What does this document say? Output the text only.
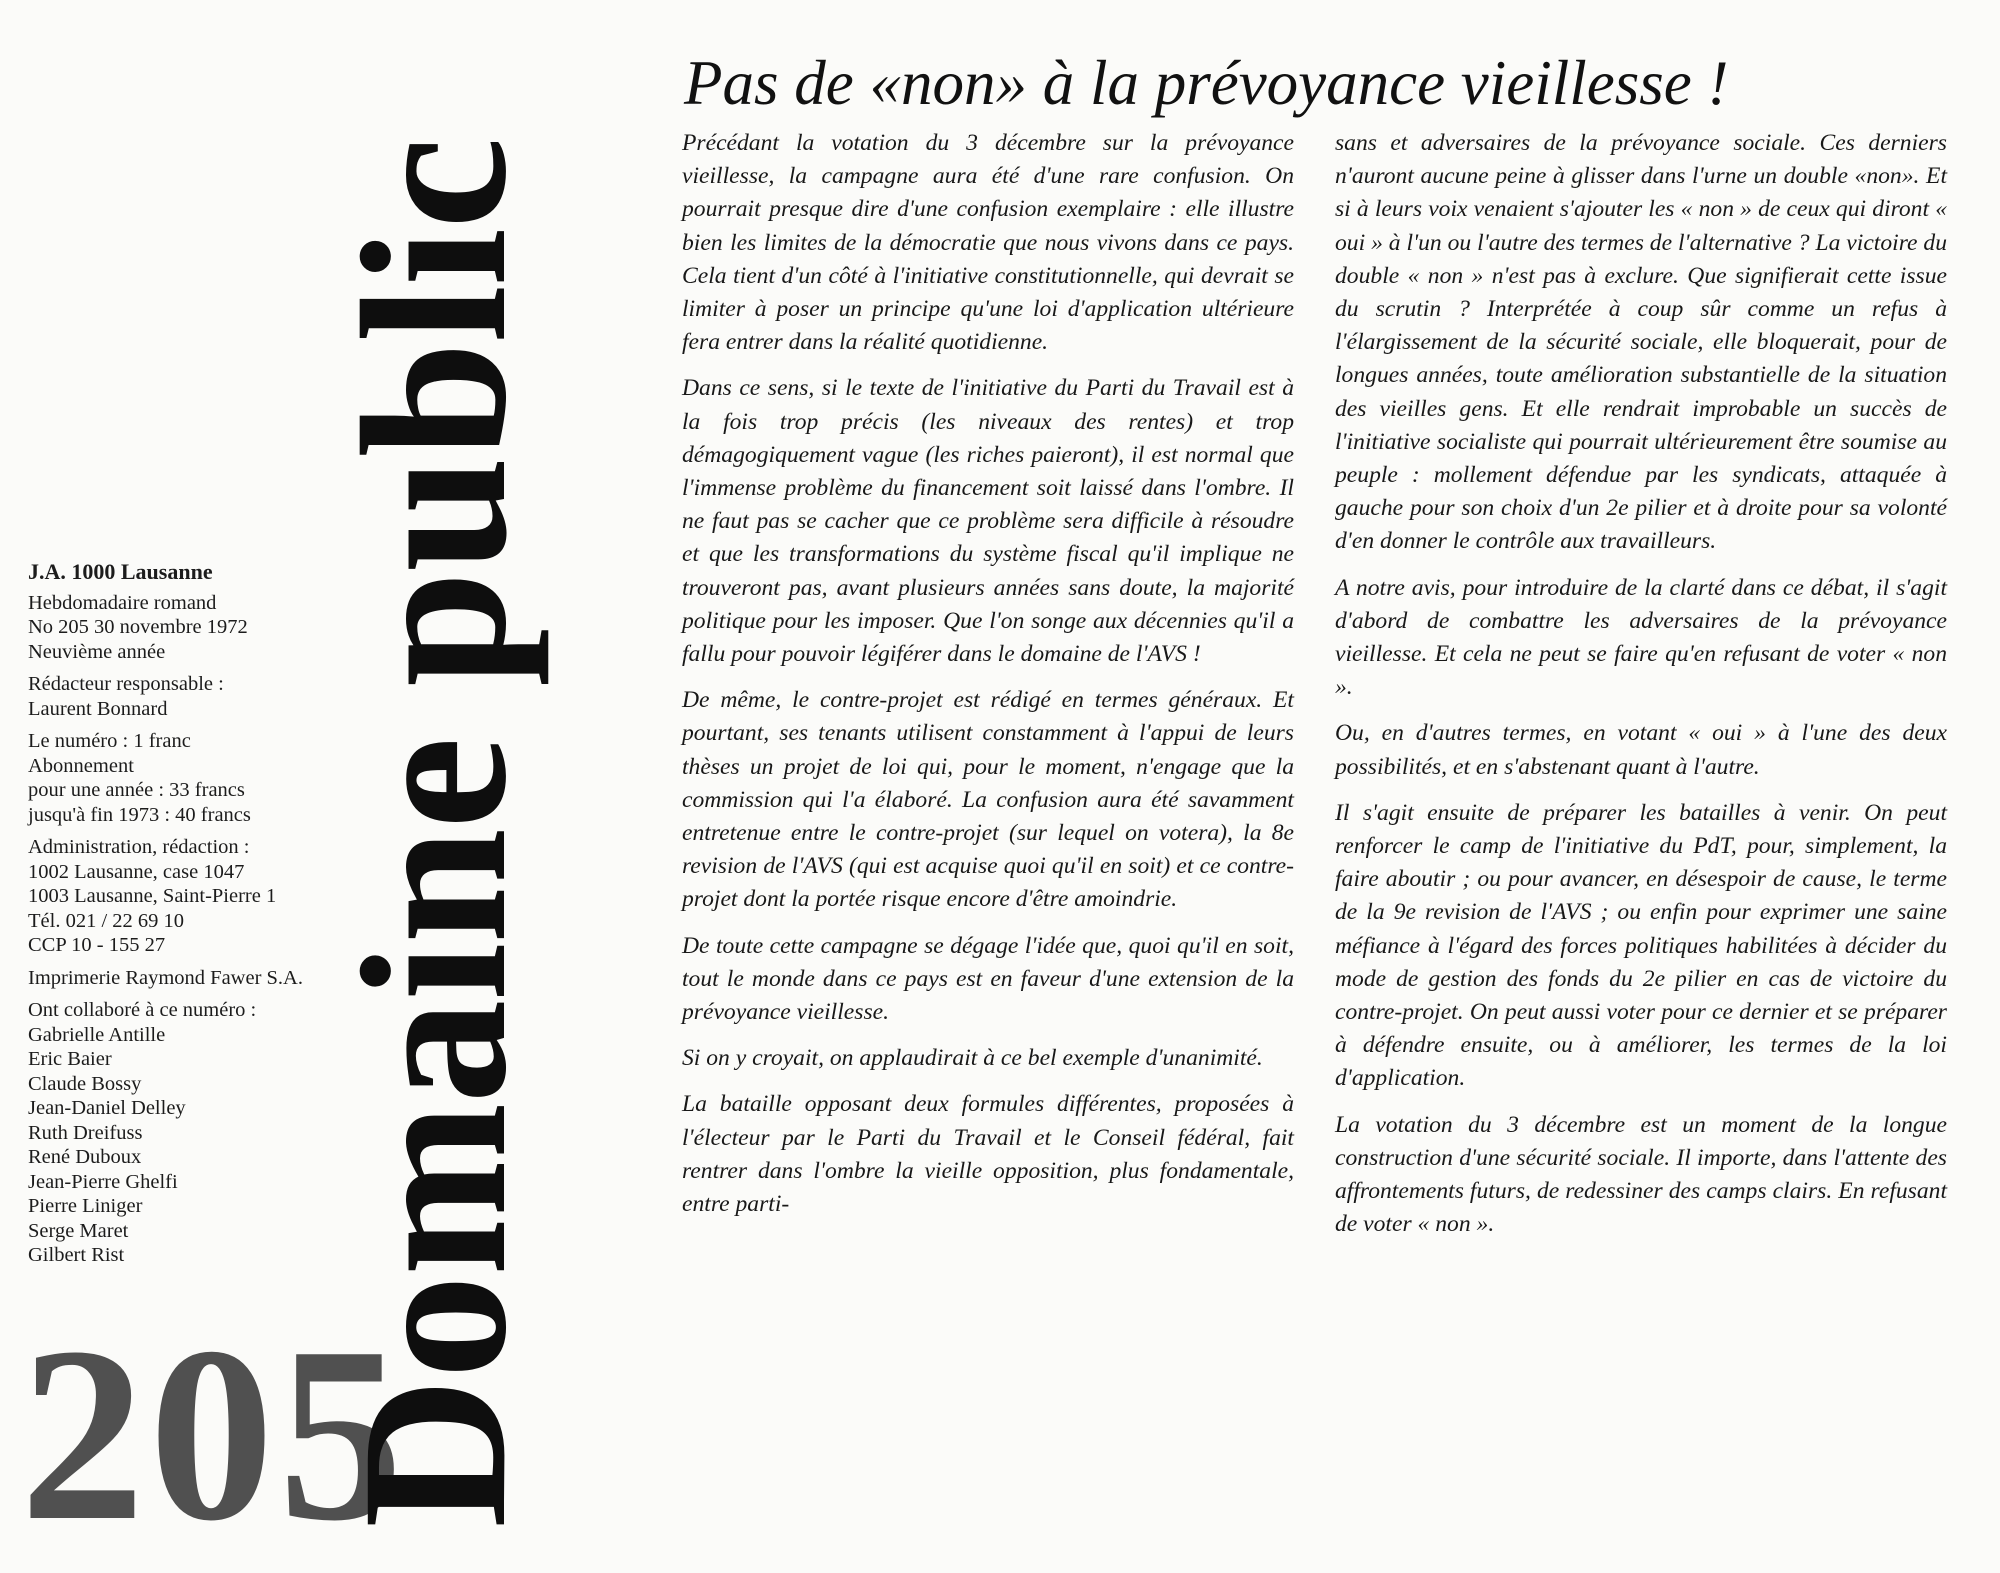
J.A. 1000 Lausanne
Hebdomadaire romand
No 205 30 novembre 1972
Neuvième année
Rédacteur responsable :
Laurent Bonnard
Le numéro : 1 franc
Abonnement
pour une année : 33 francs
jusqu'à fin 1973 : 40 francs
Administration, rédaction :
1002 Lausanne, case 1047
1003 Lausanne, Saint-Pierre 1
Tél. 021 / 22 69 10
CCP 10 - 155 27
Imprimerie Raymond Fawer S.A.
Ont collaboré à ce numéro :
Gabrielle Antille
Eric Baier
Claude Bossy
Jean-Daniel Delley
Ruth Dreifuss
René Duboux
Jean-Pierre Ghelfi
Pierre Liniger
Serge Maret
Gilbert Rist
205
Domaine public
Pas de «non» à la prévoyance vieillesse !

Précédant la votation du 3 décembre sur la prévoyance vieillesse, la campagne aura été d'une rare confusion. On pourrait presque dire d'une confusion exemplaire : elle illustre bien les limites de la démocratie que nous vivons dans ce pays. Cela tient d'un côté à l'initiative constitutionnelle, qui devrait se limiter à poser un principe qu'une loi d'application ultérieure fera entrer dans la réalité quotidienne.

Dans ce sens, si le texte de l'initiative du Parti du Travail est à la fois trop précis (les niveaux des rentes) et trop démagogiquement vague (les riches paieront), il est normal que l'immense problème du financement soit laissé dans l'ombre. Il ne faut pas se cacher que ce problème sera difficile à résoudre et que les transformations du système fiscal qu'il implique ne trouveront pas, avant plusieurs années sans doute, la majorité politique pour les imposer. Que l'on songe aux décennies qu'il a fallu pour pouvoir légiférer dans le domaine de l'AVS !

De même, le contre-projet est rédigé en termes généraux. Et pourtant, ses tenants utilisent constamment à l'appui de leurs thèses un projet de loi qui, pour le moment, n'engage que la commission qui l'a élaboré. La confusion aura été savamment entretenue entre le contre-projet (sur lequel on votera), la 8e revision de l'AVS (qui est acquise quoi qu'il en soit) et ce contre-projet dont la portée risque encore d'être amoindrie.

De toute cette campagne se dégage l'idée que, quoi qu'il en soit, tout le monde dans ce pays est en faveur d'une extension de la prévoyance vieillesse.

Si on y croyait, on applaudirait à ce bel exemple d'unanimité.

La bataille opposant deux formules différentes, proposées à l'électeur par le Parti du Travail et le Conseil fédéral, fait rentrer dans l'ombre la vieille opposition, plus fondamentale, entre parti-

sans et adversaires de la prévoyance sociale. Ces derniers n'auront aucune peine à glisser dans l'urne un double «non». Et si à leurs voix venaient s'ajouter les « non » de ceux qui diront « oui » à l'un ou l'autre des termes de l'alternative ? La victoire du double « non » n'est pas à exclure. Que signifierait cette issue du scrutin ? Interprétée à coup sûr comme un refus à l'élargissement de la sécurité sociale, elle bloquerait, pour de longues années, toute amélioration substantielle de la situation des vieilles gens. Et elle rendrait improbable un succès de l'initiative socialiste qui pourrait ultérieurement être soumise au peuple : mollement défendue par les syndicats, attaquée à gauche pour son choix d'un 2e pilier et à droite pour sa volonté d'en donner le contrôle aux travailleurs.

A notre avis, pour introduire de la clarté dans ce débat, il s'agit d'abord de combattre les adversaires de la prévoyance vieillesse. Et cela ne peut se faire qu'en refusant de voter « non ».

Ou, en d'autres termes, en votant « oui » à l'une des deux possibilités, et en s'abstenant quant à l'autre.

Il s'agit ensuite de préparer les batailles à venir. On peut renforcer le camp de l'initiative du PdT, pour, simplement, la faire aboutir ; ou pour avancer, en désespoir de cause, le terme de la 9e revision de l'AVS ; ou enfin pour exprimer une saine méfiance à l'égard des forces politiques habilitées à décider du mode de gestion des fonds du 2e pilier en cas de victoire du contre-projet. On peut aussi voter pour ce dernier et se préparer à défendre ensuite, ou à améliorer, les termes de la loi d'application.

La votation du 3 décembre est un moment de la longue construction d'une sécurité sociale. Il importe, dans l'attente des affrontements futurs, de redessiner des camps clairs. En refusant de voter « non ».
